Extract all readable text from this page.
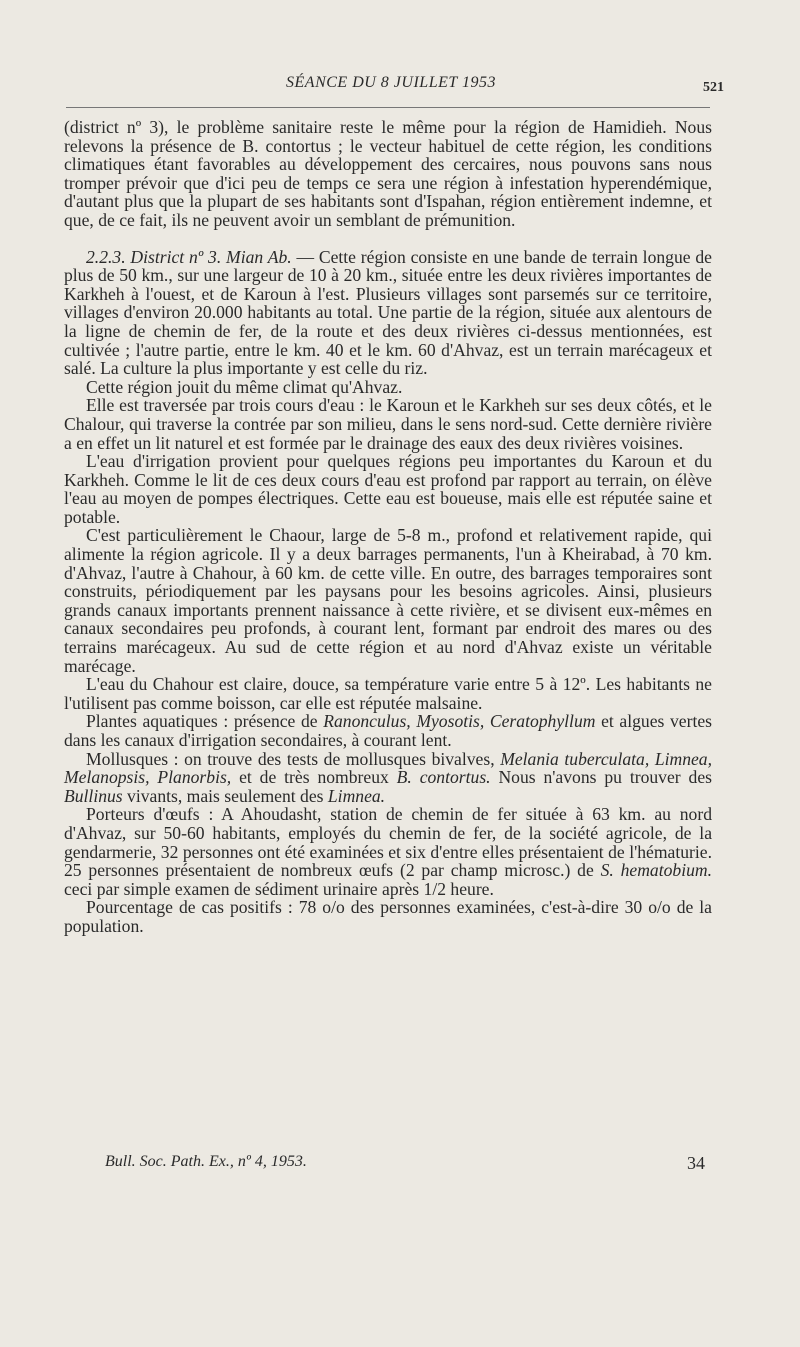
SÉANCE DU 8 JUILLET 1953	521

(district nº 3), le problème sanitaire reste le même pour la région de Hamidieh. Nous relevons la présence de B. contortus ; le vecteur habituel de cette région, les conditions climatiques étant favorables au développement des cercaires, nous pouvons sans nous tromper prévoir que d'ici peu de temps ce sera une région à infestation hyperendémique, d'autant plus que la plupart de ses habitants sont d'Ispahan, région entièrement indemne, et que, de ce fait, ils ne peuvent avoir un semblant de prémunition.

2.2.3. District nº 3. Mian Ab. — Cette région consiste en une bande de terrain longue de plus de 50 km., sur une largeur de 10 à 20 km., située entre les deux rivières importantes de Karkheh à l'ouest, et de Karoun à l'est. Plusieurs villages sont parsemés sur ce territoire, villages d'environ 20.000 habitants au total. Une partie de la région, située aux alentours de la ligne de chemin de fer, de la route et des deux rivières ci-dessus mentionnées, est cultivée ; l'autre partie, entre le km. 40 et le km. 60 d'Ahvaz, est un terrain marécageux et salé. La culture la plus importante y est celle du riz.

Cette région jouit du même climat qu'Ahvaz.

Elle est traversée par trois cours d'eau : le Karoun et le Karkheh sur ses deux côtés, et le Chalour, qui traverse la contrée par son milieu, dans le sens nord-sud. Cette dernière rivière a en effet un lit naturel et est formée par le drainage des eaux des deux rivières voisines.

L'eau d'irrigation provient pour quelques régions peu importantes du Karoun et du Karkheh. Comme le lit de ces deux cours d'eau est profond par rapport au terrain, on élève l'eau au moyen de pompes électriques. Cette eau est boueuse, mais elle est réputée saine et potable.

C'est particulièrement le Chaour, large de 5-8 m., profond et relativement rapide, qui alimente la région agricole. Il y a deux barrages permanents, l'un à Kheirabad, à 70 km. d'Ahvaz, l'autre à Chahour, à 60 km. de cette ville. En outre, des barrages temporaires sont construits, périodiquement par les paysans pour les besoins agricoles. Ainsi, plusieurs grands canaux importants prennent naissance à cette rivière, et se divisent eux-mêmes en canaux secondaires peu profonds, à courant lent, formant par endroit des mares ou des terrains marécageux. Au sud de cette région et au nord d'Ahvaz existe un véritable marécage.

L'eau du Chahour est claire, douce, sa température varie entre 5 à 12º. Les habitants ne l'utilisent pas comme boisson, car elle est réputée malsaine.

Plantes aquatiques : présence de Ranonculus, Myosotis, Ceratophyllum et algues vertes dans les canaux d'irrigation secondaires, à courant lent.

Mollusques : on trouve des tests de mollusques bivalves, Melania tuberculata, Limnea, Melanopsis, Planorbis, et de très nombreux B. contortus. Nous n'avons pu trouver des Bullinus vivants, mais seulement des Limnea.

Porteurs d'œufs : A Ahoudasht, station de chemin de fer située à 63 km. au nord d'Ahvaz, sur 50-60 habitants, employés du chemin de fer, de la société agricole, de la gendarmerie, 32 personnes ont été examinées et six d'entre elles présentaient de l'hématurie. 25 personnes présentaient de nombreux œufs (2 par champ microsc.) de S. hematobium. ceci par simple examen de sédiment urinaire après 1/2 heure.

Pourcentage de cas positifs : 78 o/o des personnes examinées, c'est-à-dire 30 o/o de la population.

Bull. Soc. Path. Ex., nº 4, 1953.	34
